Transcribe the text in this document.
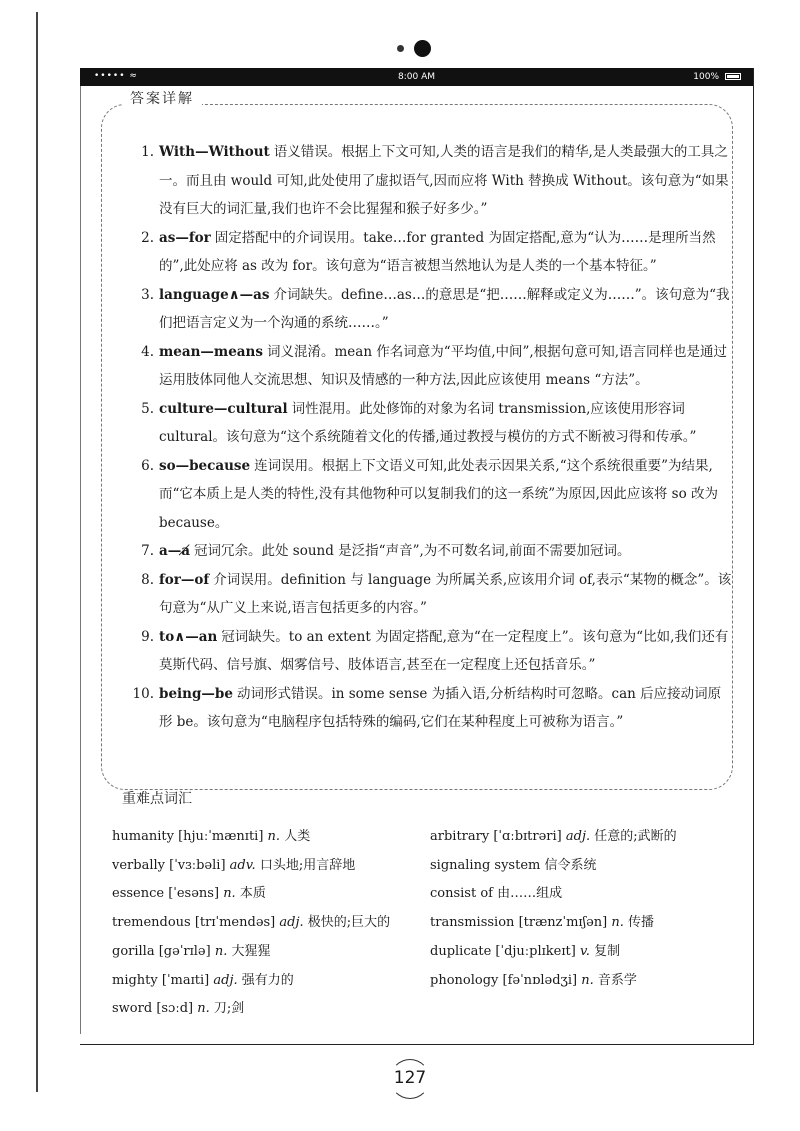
••••• ≈	8:00 AM	100%
答案详解
1 . With—Without 语义错误。根据上下文可知,人类的语言是我们的精华,是人类最强大的工具之一。而且由 would 可知,此处使用了虚拟语气,因而应将 With 替换成 Without。该句意为“如果没有巨大的词汇量,我们也许不会比猩猩和猴子好多少。”
2 . as—for 固定搭配中的介词误用。take…for granted 为固定搭配,意为“认为……是理所当然的”,此处应将 as 改为 for。该句意为“语言被想当然地认为是人类的一个基本特征。”
3 . language∧—as 介词缺失。define…as…的意思是“把……解释或定义为……”。该句意为“我们把语言定义为一个沟通的系统……。”
4 . mean—means 词义混淆。mean 作名词意为“平均值,中间”,根据句意可知,语言同样也是通过运用肢体同他人交流思想、知识及情感的一种方法,因此应该使用 means “方法”。
5 . culture—cultural 词性混用。此处修饰的对象为名词 transmission,应该使用形容词 cultural。该句意为“这个系统随着文化的传播,通过教授与模仿的方式不断被习得和传承。”
6 . so—because 连词误用。根据上下文语义可知,此处表示因果关系,“这个系统很重要”为结果,而“它本质上是人类的特性,没有其他物种可以复制我们的这一系统”为原因,因此应该将 so 改为 because。
7 . a—a̸ 冠词冗余。此处 sound 是泛指“声音”,为不可数名词,前面不需要加冠词。
8 . for—of 介词误用。definition 与 language 为所属关系,应该用介词 of,表示“某物的概念”。该句意为“从广义上来说,语言包括更多的内容。”
9 . to∧—an 冠词缺失。to an extent 为固定搭配,意为“在一定程度上”。该句意为“比如,我们还有莫斯代码、信号旗、烟雾信号、肢体语言,甚至在一定程度上还包括音乐。”
10 . being—be 动词形式错误。in some sense 为插入语,分析结构时可忽略。can 后应接动词原形 be。该句意为“电脑程序包括特殊的编码,它们在某种程度上可被称为语言。”
重难点词汇
humanity [hjuːˈmænɪti] n. 人类
verbally [ˈvɜːbəli] adv. 口头地;用言辞地
essence [ˈesəns] n. 本质
tremendous [trɪˈmendəs] adj. 极快的;巨大的
gorilla [gəˈrɪlə] n. 大猩猩
mighty [ˈmaɪti] adj. 强有力的
sword [sɔːd] n. 刀;剑
arbitrary [ˈɑːbɪtrəri] adj. 任意的;武断的
signaling system 信令系统
consist of 由……组成
transmission [trænzˈmɪʃən] n. 传播
duplicate [ˈdjuːplɪkeɪt] v. 复制
phonology [fəˈnɒlədʒi] n. 音系学
127
